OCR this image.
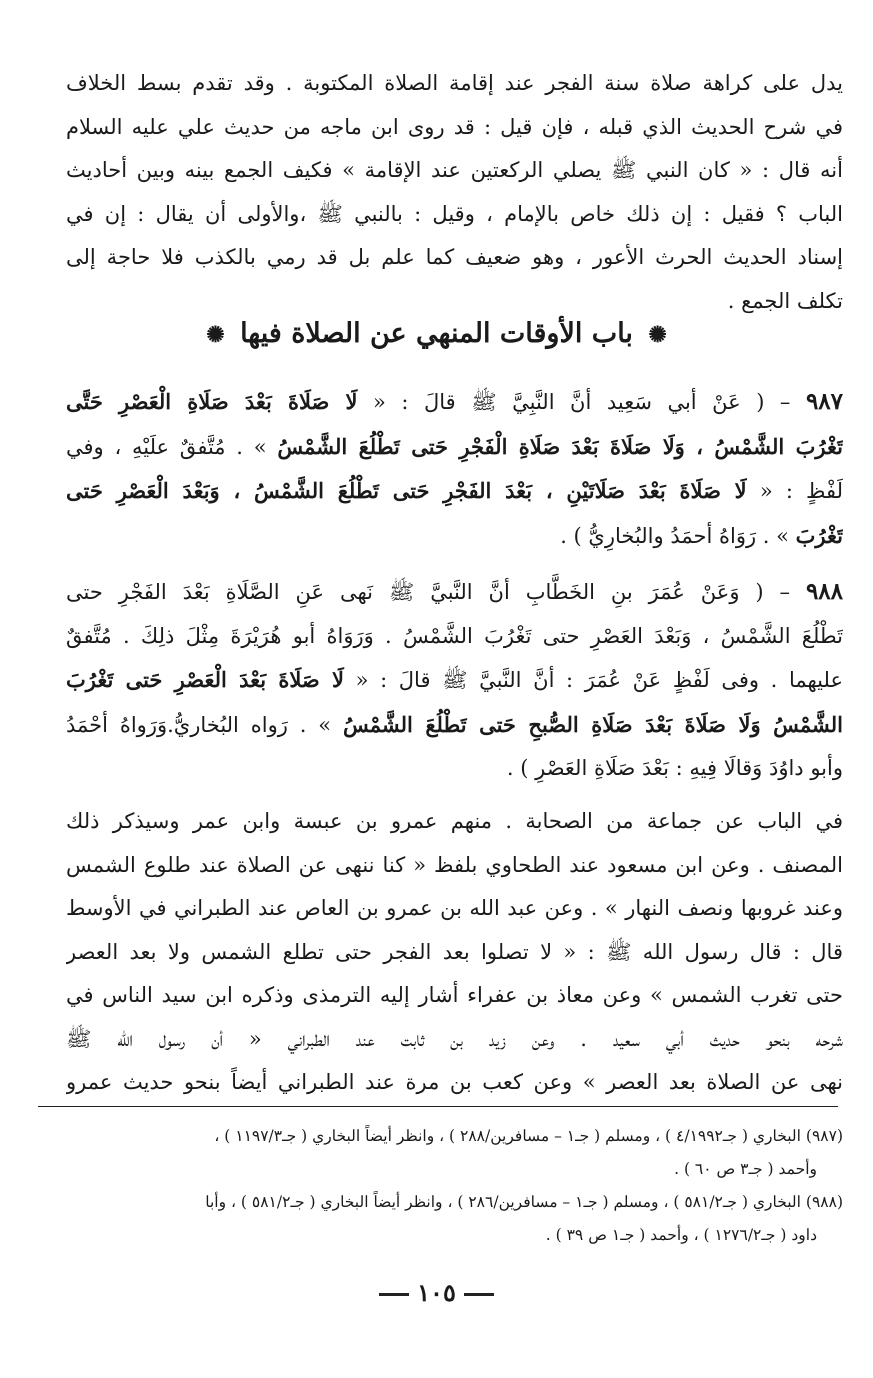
يدل على كراهة صلاة سنة الفجر عند إقامة الصلاة المكتوبة . وقد تقدم بسط الخلاف
في شرح الحديث الذي قبله ، فإن قيل : قد روى ابن ماجه من حديث علي عليه السلام
أنه قال : « كان النبي ﷺ يصلي الركعتين عند الإقامة » فكيف الجمع بينه وبين أحاديث
الباب ؟ فقيل : إن ذلك خاص بالإمام ، وقيل : بالنبي ﷺ ،والأولى أن يقال : إن في
إسناد الحديث الحرث الأعور ، وهو ضعيف كما علم بل قد رمي بالكذب فلا حاجة إلى
تكلف الجمع .
✺ باب الأوقات المنهي عن الصلاة فيها ✺
٩٨٧ – ( عَنْ أبي سَعِيد أنَّ النَّبِيَّ ﷺ قالَ : « لَا صَلَاةَ بَعْدَ صَلَاةِ الْعَصْرِ حَتَّى
تَغْرُبَ الشَّمْسُ ، وَلَا صَلَاةَ بَعْدَ صَلَاةِ الْفَجْرِ حَتى تَطْلُعَ الشَّمْسُ » . مُتَّفقٌ علَيْهِ ، وفي
لَفْظٍ : « لَا صَلَاةَ بَعْدَ صَلَاتَيْنِ ، بَعْدَ الفَجْرِ حَتى تَطْلُعَ الشَّمْسُ ، وَبَعْدَ الْعَصْرِ حَتى
تَغْرُبَ » . رَوَاهُ أحمَدُ والبُخارِيُّ ) .
٩٨٨ – ( وَعَنْ عُمَرَ بنِ الخَطَّابِ أنَّ النَّبيَّ ﷺ نَهى عَنِ الصَّلَاةِ بَعْدَ الفَجْرِ حتى
تَطْلُعَ الشَّمْسُ ، وَبَعْدَ العَصْرِ حتى تَغْرُبَ الشَّمْسُ . وَرَوَاهُ أبو هُرَيْرَةَ مِثْلَ ذلِكَ . مُتَّفقٌ
عليهما . وفى لَفْظٍ عَنْ عُمَرَ : أنَّ النَّبيَّ ﷺ قالَ : « لَا صَلَاةَ بَعْدَ الْعَصْرِ حَتى تَغْرُبَ
الشَّمْسُ وَلَا صَلَاةَ بَعْدَ صَلَاةِ الصُّبحِ حَتى تَطْلُعَ الشَّمْسُ » . رَواه البُخاريُّ.وَرَواهُ أحْمَدُ
وأبو داوُدَ وَقالَا فِيهِ : بَعْدَ صَلَاةِ العَصْرِ ) .
في الباب عن جماعة من الصحابة . منهم عمرو بن عبسة وابن عمر وسيذكر ذلك
المصنف . وعن ابن مسعود عند الطحاوي بلفظ « كنا ننهى عن الصلاة عند طلوع الشمس
وعند غروبها ونصف النهار » . وعن عبد الله بن عمرو بن العاص عند الطبراني في الأوسط
قال : قال رسول الله ﷺ : « لا تصلوا بعد الفجر حتى تطلع الشمس ولا بعد العصر
حتى تغرب الشمس » وعن معاذ بن عفراء أشار إليه الترمذى وذكره ابن سيد الناس في
شرحه بنحو حديث أبي سعيد . وعن زيد بن ثابت عند الطبراني « أن رسول الله ﷺ
نهى عن الصلاة بعد العصر » وعن كعب بن مرة عند الطبراني أيضاً بنحو حديث عمرو
(٩٨٧) البخاري ( جـ٤/١٩٩٢ ) ، ومسلم ( جـ١ – مسافرين/٢٨٨ ) ، وانظر أيضاً البخاري ( جـ١١٩٧/٣ ) ،
وأحمد ( جـ٣ ص ٦٠ ) .
(٩٨٨) البخاري ( جـ٥٨١/٢ ) ، ومسلم ( جـ١ – مسافرين/٢٨٦ ) ، وانظر أيضاً البخاري ( جـ٥٨١/٢ ) ، وأبا
داود ( جـ١٢٧٦/٢ ) ، وأحمد ( جـ١ ص ٣٩ ) .
١٠٥
